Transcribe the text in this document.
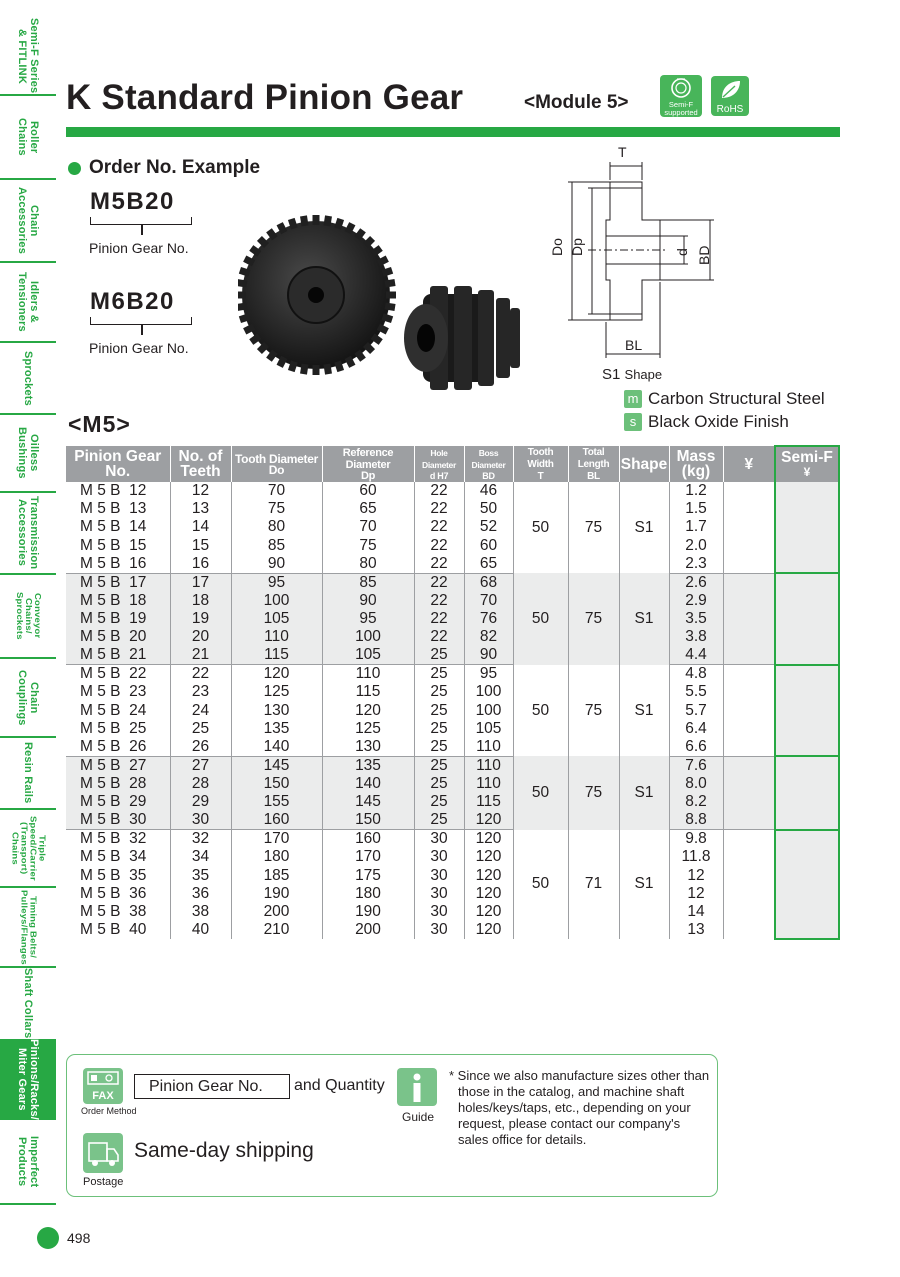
Semi-F Series
& FITLINK
Roller
Chains
Chain
Accessories
Idlers &
Tensioners
Sprockets
Oilless
Bushings
Transmission
Accessories
Conveyor Chains/
Sprockets
Chain
Couplings
Resin Rails
Triple Speed/Carrier
(Transport) Chains
Timing Belts/
Pulleys/Flanges
Shaft Collars
Pinions/Racks/
Miter Gears
Imperfect
Products
K Standard Pinion Gear	<Module 5>	Semi-F supported	RoHS
Order No. Example
M5B20
Pinion Gear No.
M6B20
Pinion Gear No.
T
Do Dp	d BD
BL
S1 Shape
m Carbon Structural Steel
s Black Oxide Finish
<M5>
Pinion Gear
No.	No. of
Teeth	Tooth Diameter
Do	Reference Diameter
Dp	Hole Diameter
d H7	Boss Diameter
BD	Tooth Width
T	Total Length
BL	Shape	Mass
(kg)	¥	Semi-F
¥

M 5 B  12	12	70	60	22	46	50	75	S1	1.2		
M 5 B  13	13	75	65	22	50				1.5		
M 5 B  14	14	80	70	22	52				1.7		
M 5 B  15	15	85	75	22	60				2.0		
M 5 B  16	16	90	80	22	65				2.3		
M 5 B  17	17	95	85	22	68	50	75	S1	2.6		
M 5 B  18	18	100	90	22	70				2.9		
M 5 B  19	19	105	95	22	76				3.5		
M 5 B  20	20	110	100	22	82				3.8		
M 5 B  21	21	115	105	25	90				4.4		
M 5 B  22	22	120	110	25	95	50	75	S1	4.8		
M 5 B  23	23	125	115	25	100				5.5		
M 5 B  24	24	130	120	25	100				5.7		
M 5 B  25	25	135	125	25	105				6.4		
M 5 B  26	26	140	130	25	110				6.6		
M 5 B  27	27	145	135	25	110	50	75	S1	7.6		
M 5 B  28	28	150	140	25	110				8.0		
M 5 B  29	29	155	145	25	115				8.2		
M 5 B  30	30	160	150	25	120				8.8		
M 5 B  32	32	170	160	30	120	50	71	S1	9.8		
M 5 B  34	34	180	170	30	120				11.8		
M 5 B  35	35	185	175	30	120				12		
M 5 B  36	36	190	180	30	120				12		
M 5 B  38	38	200	190	30	120				14		
M 5 B  40	40	210	200	30	120				13		
FAX
Order Method
Pinion Gear No.	and Quantity
Guide
Postage
Same-day shipping

* Since we also manufacture sizes other than those in the catalog, and machine shaft holes/keys/taps, etc., depending on your request, please contact our company's sales office for details.

498
